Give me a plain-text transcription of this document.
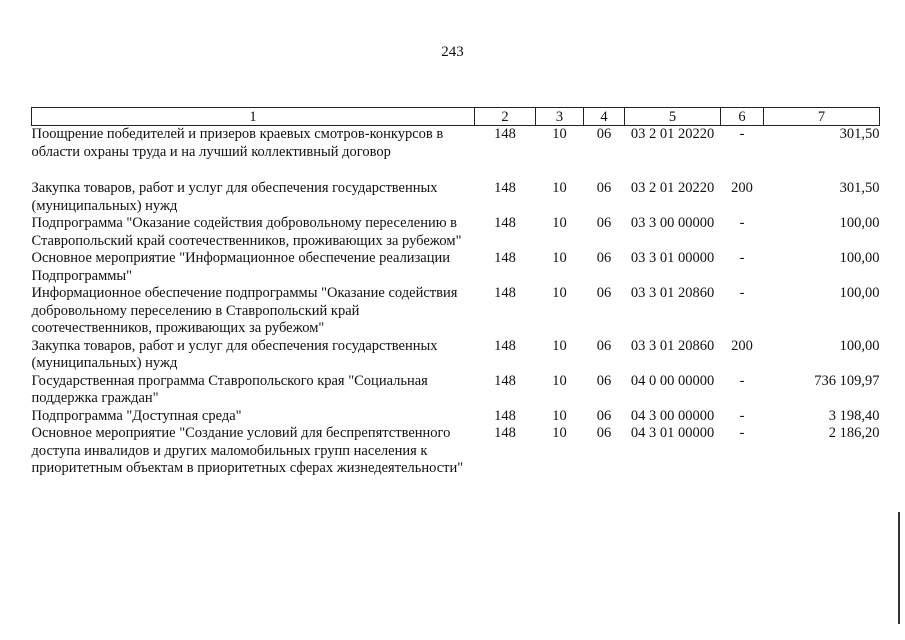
243
1	2	3	4	5	6	7
Поощрение победителей и призеров краевых смотров-конкурсов в области охраны труда и на лучший коллективный договор	148	10	06	03 2 01 20220	-	301,50
Закупка товаров, работ и услуг для обеспечения государственных (муниципальных) нужд	148	10	06	03 2 01 20220	200	301,50
Подпрограмма "Оказание содействия добровольному переселению в Ставропольский край соотечественников, проживающих за рубежом"	148	10	06	03 3 00 00000	-	100,00
Основное мероприятие "Информационное обеспечение реализации Подпрограммы"	148	10	06	03 3 01 00000	-	100,00
Информационное обеспечение подпрограммы "Оказание содействия добровольному переселению в Ставропольский край соотечественников, проживающих за рубежом"	148	10	06	03 3 01 20860	-	100,00
Закупка товаров, работ и услуг для обеспечения государственных (муниципальных) нужд	148	10	06	03 3 01 20860	200	100,00
Государственная программа Ставропольского края "Социальная поддержка граждан"	148	10	06	04 0 00 00000	-	736 109,97
Подпрограмма "Доступная среда"	148	10	06	04 3 00 00000	-	3 198,40
Основное мероприятие "Создание условий для беспрепятственного доступа инвалидов и других маломобильных групп населения к приоритетным объектам в приоритетных сферах жизнедеятельности"	148	10	06	04 3 01 00000	-	2 186,20
